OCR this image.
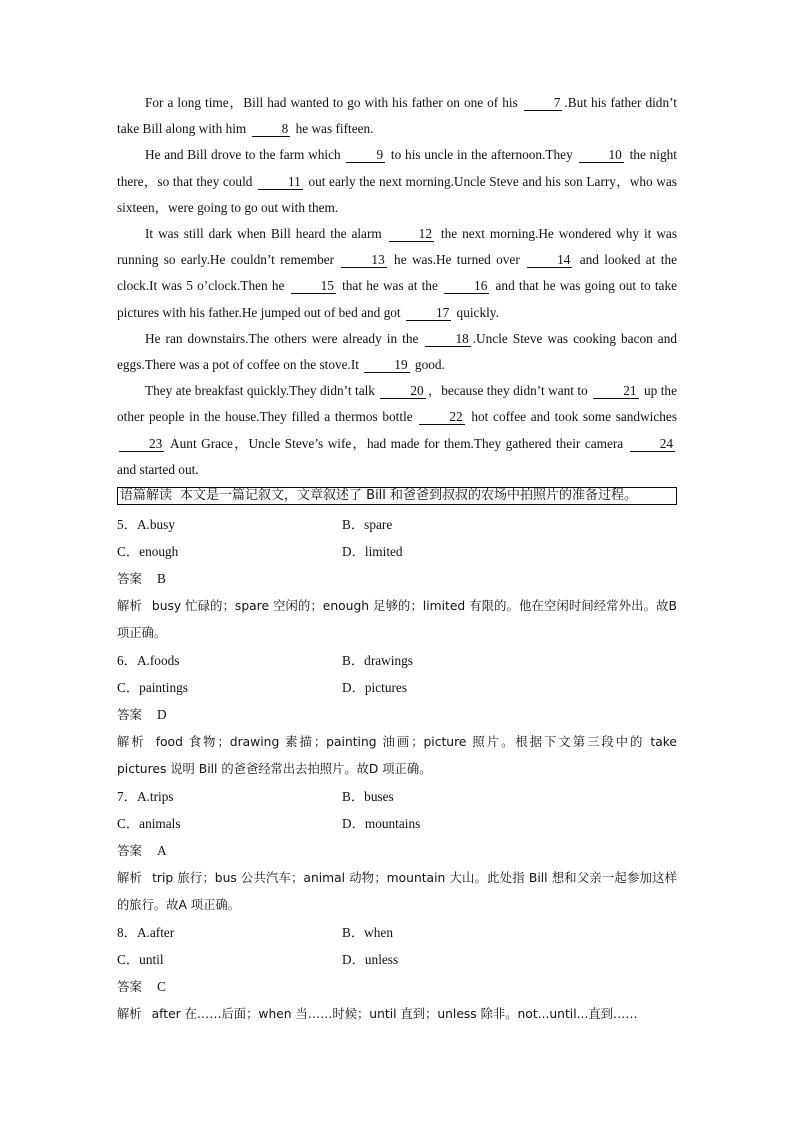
For a long time，Bill had wanted to go with his father on one of his 7 .But his father didn’t take Bill along with him 8 he was fifteen.

He and Bill drove to the farm which 9 to his uncle in the afternoon.They 10 the night there，so that they could 11 out early the next morning.Uncle Steve and his son Larry，who was sixteen，were going to go out with them.

It was still dark when Bill heard the alarm 12 the next morning.He wondered why it was running so early.He couldn’t remember 13 he was.He turned over 14 and looked at the clock.It was 5 o’clock.Then he 15 that he was at the 16 and that he was going out to take pictures with his father.He jumped out of bed and got 17 quickly.

He ran downstairs.The others were already in the 18 .Uncle Steve was cooking bacon and eggs.There was a pot of coffee on the stove.It 19 good.

They ate breakfast quickly.They didn’t talk 20 ，because they didn’t want to 21 up the other people in the house.They filled a thermos bottle 22 hot coffee and took some sandwiches 23 Aunt Grace，Uncle Steve’s wife，had made for them.They gathered their camera 24 and started out.

语篇解读 本文是一篇记叙文，文章叙述了 Bill 和爸爸到叔叔的农场中拍照片的准备过程。
5．A.busy	B．spare
C．enough	D．limited
答案 B
解析 busy 忙碌的；spare 空闲的；enough 足够的；limited 有限的。他在空闲时间经常外出。故B 项正确。
6．A.foods	B．drawings
C．paintings	D．pictures
答案 D
解析 food 食物；drawing 素描；painting 油画；picture 照片。根据下文第三段中的 take pictures 说明 Bill 的爸爸经常出去拍照片。故D 项正确。
7．A.trips	B．buses
C．animals	D．mountains
答案 A
解析 trip 旅行；bus 公共汽车；animal 动物；mountain 大山。此处指 Bill 想和父亲一起参加这样的旅行。故A 项正确。
8．A.after	B．when
C．until	D．unless
答案 C
解析 after 在……后面；when 当……时候；until 直到；unless 除非。not...until...直到……
